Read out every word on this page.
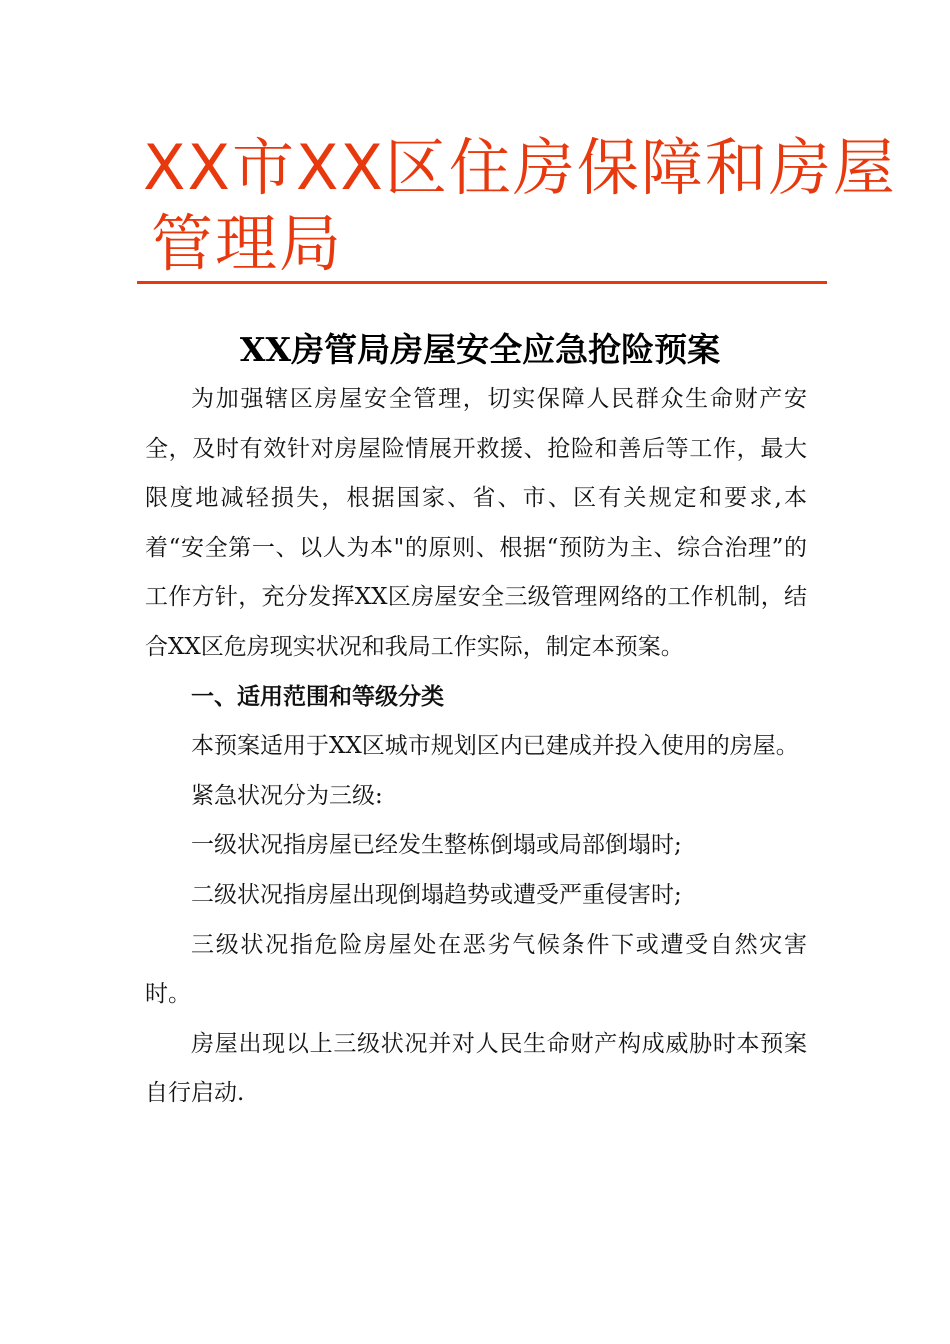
XX市XX区住房保障和房屋
管理局
XX房管局房屋安全应急抢险预案

为加强辖区房屋安全管理，切实保障人民群众生命财产安全，及时有效针对房屋险情展开救援、抢险和善后等工作，最大限度地减轻损失，根据国家、省、市、区有关规定和要求,本着“安全第一、以人为本"的原则、根据“预防为主、综合治理”的工作方针，充分发挥XX区房屋安全三级管理网络的工作机制，结合XX区危房现实状况和我局工作实际，制定本预案。

一、适用范围和等级分类

本预案适用于XX区城市规划区内已建成并投入使用的房屋。

紧急状况分为三级:

一级状况指房屋已经发生整栋倒塌或局部倒塌时;

二级状况指房屋出现倒塌趋势或遭受严重侵害时;

三级状况指危险房屋处在恶劣气候条件下或遭受自然灾害时。

房屋出现以上三级状况并对人民生命财产构成威胁时本预案自行启动.
